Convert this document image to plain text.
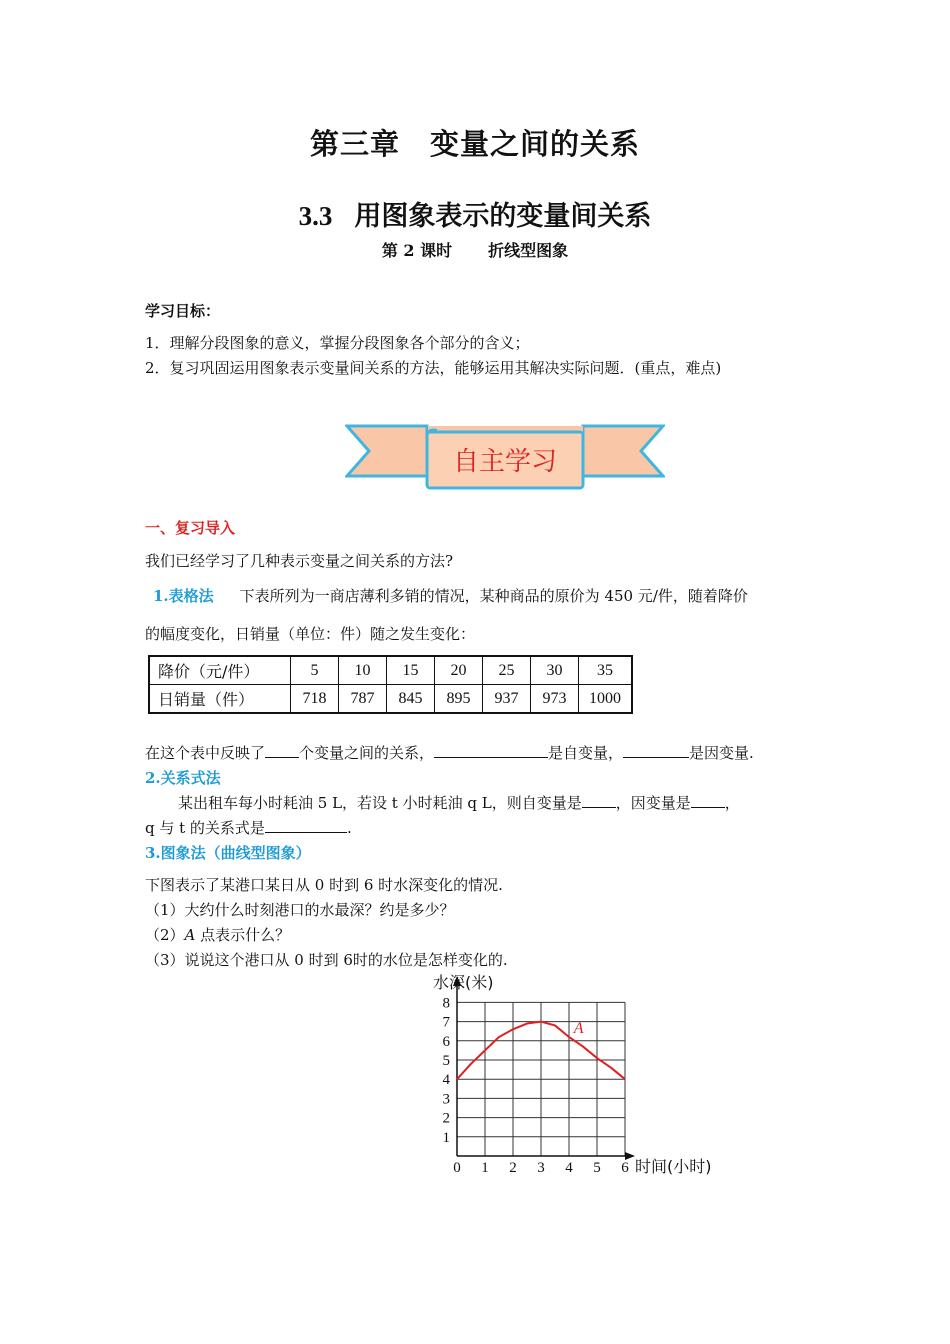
第三章　变量之间的关系
3.3 用图象表示的变量间关系
第 2 课时 折线型图象
学习目标：
1．理解分段图象的意义，掌握分段图象各个部分的含义；
2．复习巩固运用图象表示变量间关系的方法，能够运用其解决实际问题．(重点，难点)
自主学习
一、复习导入
我们已经学习了几种表示变量之间关系的方法?
1.表格法 下表所列为一商店薄利多销的情况，某种商品的原价为 450 元/件，随着降价
的幅度变化，日销量（单位：件）随之发生变化：
降价（元/件）	5	10	15	20	25	30	35
日销量（件）	718	787	845	895	937	973	1000
在这个表中反映了 个变量之间的关系，	是自变量，	是因变量.
2.关系式法
某出租车每小时耗油 5 L，若设 t 小时耗油 q L，则自变量是 ，因变量是 ，
q 与 t 的关系式是	.
3.图象法（曲线型图象）
下图表示了某港口某日从 0 时到 6 时水深变化的情况.
（1）大约什么时刻港口的水最深？约是多少？
（2）A 点表示什么？
（3）说说这个港口从 0 时到 6时的水位是怎样变化的.
0 1 2 3 4 5 6
1
2
3
4
5
6
7
8
A
水深(米)
时间(小时)
